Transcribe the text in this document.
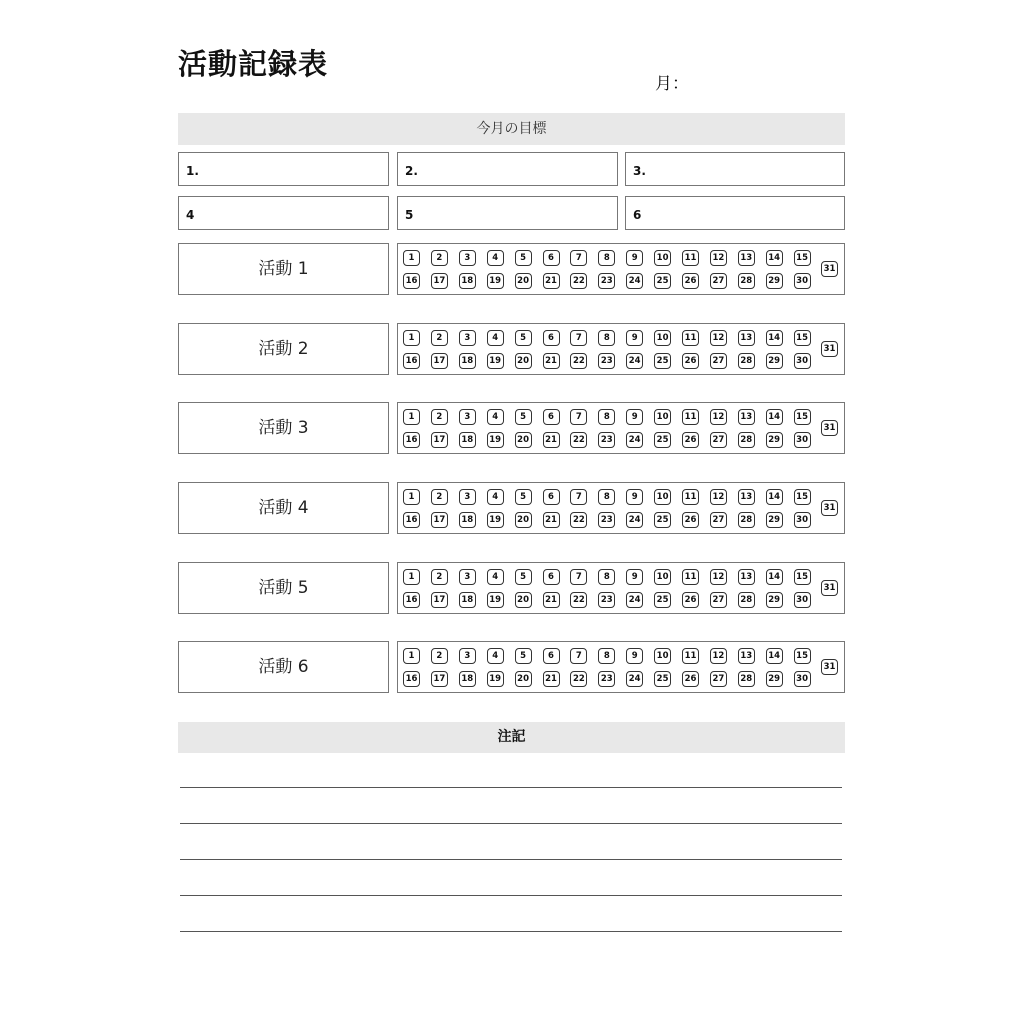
活動記録表
月：
今月の目標
1.	2.	3.
4	5	6
活動 1
1	2	3	4	5	6	7	8	9	10	11	12	13	14	15
16	17	18	19	20	21	22	23	24	25	26	27	28	29	30
31
活動 2
1	2	3	4	5	6	7	8	9	10	11	12	13	14	15
16	17	18	19	20	21	22	23	24	25	26	27	28	29	30
31
活動 3
1	2	3	4	5	6	7	8	9	10	11	12	13	14	15
16	17	18	19	20	21	22	23	24	25	26	27	28	29	30
31
活動 4
1	2	3	4	5	6	7	8	9	10	11	12	13	14	15
16	17	18	19	20	21	22	23	24	25	26	27	28	29	30
31
活動 5
1	2	3	4	5	6	7	8	9	10	11	12	13	14	15
16	17	18	19	20	21	22	23	24	25	26	27	28	29	30
31
活動 6
1	2	3	4	5	6	7	8	9	10	11	12	13	14	15
16	17	18	19	20	21	22	23	24	25	26	27	28	29	30
31
注記
